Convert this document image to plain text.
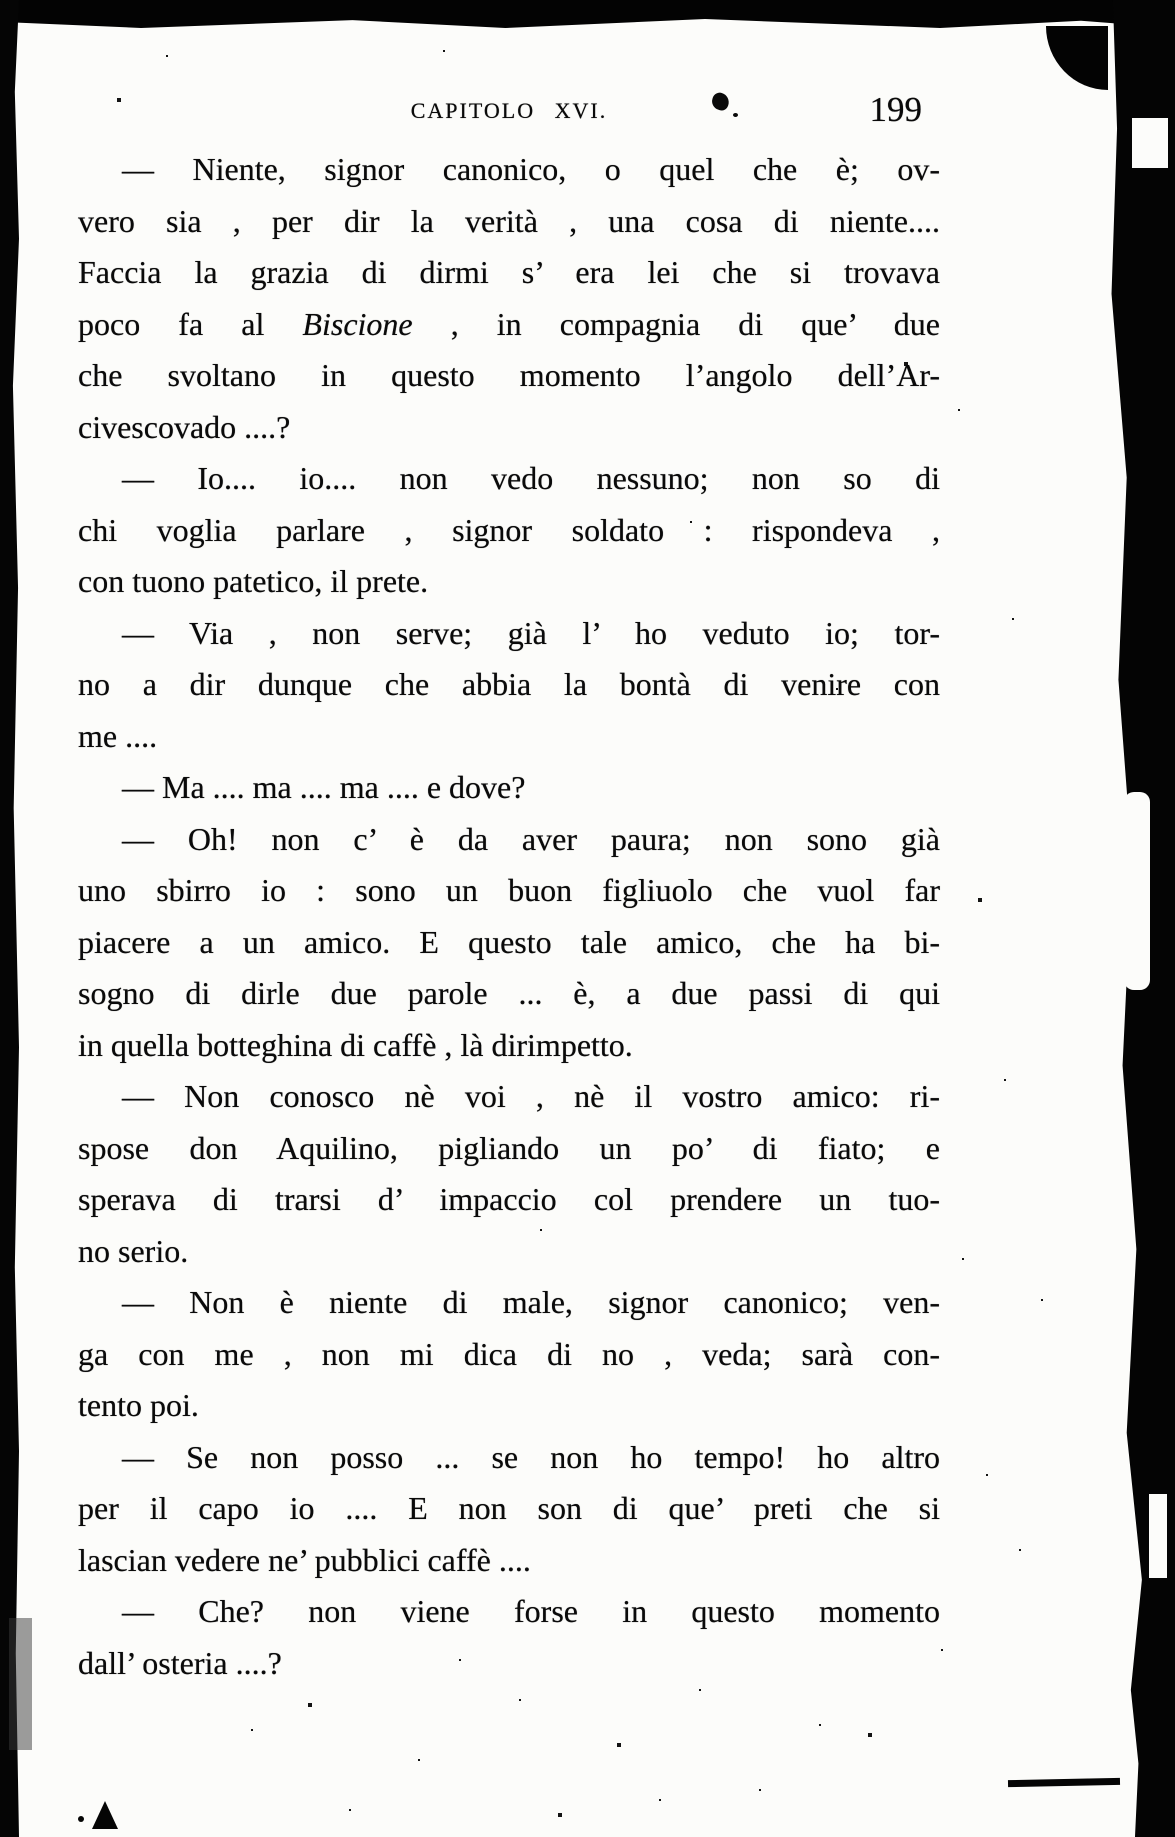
CAPITOLO XVI.	199
— Niente, signor canonico, o quel che è; ov-
vero sia , per dir la verità , una cosa di niente....
Faccia la grazia di dirmi s’ era lei che si trovava
poco fa al Biscione , in compagnia di que’ due
che svoltano in questo momento l’angolo dell’Ar-
civescovado ....?
— Io.... io.... non vedo nessuno; non so di
chi voglia parlare , signor soldato : rispondeva ,
con tuono patetico, il prete.
— Via , non serve; già l’ ho veduto io; tor-
no a dir dunque che abbia la bontà di venire con
me ....
— Ma .... ma .... ma .... e dove?
— Oh! non c’ è da aver paura; non sono già
uno sbirro io : sono un buon figliuolo che vuol far
piacere a un amico. E questo tale amico, che ha bi-
sogno di dirle due parole ... è, a due passi di qui
in quella botteghina di caffè , là dirimpetto.
— Non conosco nè voi , nè il vostro amico: ri-
spose don Aquilino, pigliando un po’ di fiato; e
sperava di trarsi d’ impaccio col prendere un tuo-
no serio.
— Non è niente di male, signor canonico; ven-
ga con me , non mi dica di no , veda; sarà con-
tento poi.
— Se non posso ... se non ho tempo! ho altro
per il capo io .... E non son di que’ preti che si
lascian vedere ne’ pubblici caffè ....
— Che? non viene forse in questo momento
dall’ osteria ....?
